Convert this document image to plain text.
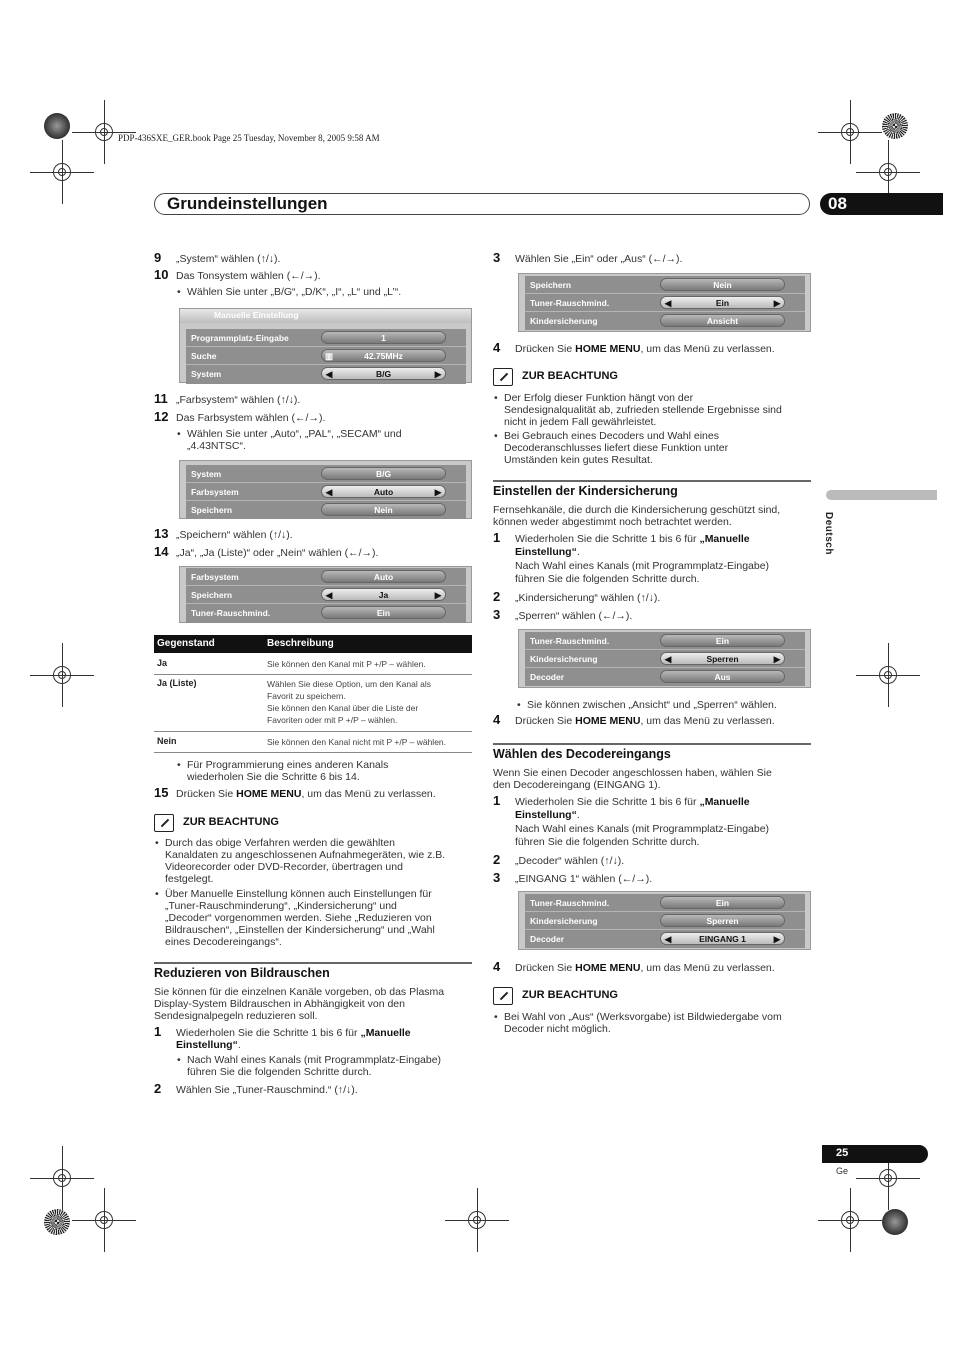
PDP-436SXE_GER.book Page 25 Tuesday, November 8, 2005 9:58 AM
Grundeinstellungen	08
Deutsch
9 „System“ wählen (↑/↓).
10 Das Tonsystem wählen (←/→).
• Wählen Sie unter „B/G“, „D/K“, „I“, „L“ und „L’“.
Manuelle Einstellung
Programmplatz-Eingabe	1
Suche	▥	42.75MHz
System	◀	B/G	▶
11 „Farbsystem“ wählen (↑/↓).
12 Das Farbsystem wählen (←/→).
• Wählen Sie unter „Auto“, „PAL“, „SECAM“ und
„4.43NTSC“.
System	B/G
Farbsystem	◀	Auto	▶
Speichern	Nein
13 „Speichern“ wählen (↑/↓).
14 „Ja“, „Ja (Liste)“ oder „Nein“ wählen (←/→).
Farbsystem	Auto
Speichern	◀	Ja	▶
Tuner-Rauschmind.	Ein
Gegenstand	Beschreibung
Ja	Sie können den Kanal mit P +/P – wählen.
Ja (Liste)	Wählen Sie diese Option, um den Kanal als
Favorit zu speichern.
Sie können den Kanal über die Liste der
Favoriten oder mit P +/P – wählen.
Nein	Sie können den Kanal nicht mit P +/P – wählen.
• Für Programmierung eines anderen Kanals
wiederholen Sie die Schritte 6 bis 14.
15 Drücken Sie HOME MENU, um das Menü zu verlassen.
ZUR BEACHTUNG
• Durch das obige Verfahren werden die gewählten
Kanaldaten zu angeschlossenen Aufnahmegeräten, wie z.B.
Videorecorder oder DVD-Recorder, übertragen und
festgelegt.
• Über Manuelle Einstellung können auch Einstellungen für
„Tuner-Rauschminderung“, „Kindersicherung“ und
„Decoder“ vorgenommen werden. Siehe „Reduzieren von
Bildrauschen“, „Einstellen der Kindersicherung“ und „Wahl
eines Decodereingangs“.
Reduzieren von Bildrauschen
Sie können für die einzelnen Kanäle vorgeben, ob das Plasma
Display-System Bildrauschen in Abhängigkeit von den
Sendesignalpegeln reduzieren soll.
1 Wiederholen Sie die Schritte 1 bis 6 für „Manuelle
Einstellung“.
• Nach Wahl eines Kanals (mit Programmplatz-Eingabe)
führen Sie die folgenden Schritte durch.
2 Wählen Sie „Tuner-Rauschmind.“ (↑/↓).
3 Wählen Sie „Ein“ oder „Aus“ (←/→).
Speichern	Nein
Tuner-Rauschmind.	◀	Ein	▶
Kindersicherung	Ansicht
4 Drücken Sie HOME MENU, um das Menü zu verlassen.
ZUR BEACHTUNG
• Der Erfolg dieser Funktion hängt von der
Sendesignalqualität ab, zufrieden stellende Ergebnisse sind
nicht in jedem Fall gewährleistet.
• Bei Gebrauch eines Decoders und Wahl eines
Decoderanschlusses liefert diese Funktion unter
Umständen kein gutes Resultat.
Einstellen der Kindersicherung
Fernsehkanäle, die durch die Kindersicherung geschützt sind,
können weder abgestimmt noch betrachtet werden.
1 Wiederholen Sie die Schritte 1 bis 6 für „Manuelle
Einstellung“.
Nach Wahl eines Kanals (mit Programmplatz-Eingabe)
führen Sie die folgenden Schritte durch.
2 „Kindersicherung“ wählen (↑/↓).
3 „Sperren“ wählen (←/→).
Tuner-Rauschmind.	Ein
Kindersicherung	◀	Sperren	▶
Decoder	Aus
• Sie können zwischen „Ansicht“ und „Sperren“ wählen.
4 Drücken Sie HOME MENU, um das Menü zu verlassen.
Wählen des Decodereingangs
Wenn Sie einen Decoder angeschlossen haben, wählen Sie
den Decodereingang (EINGANG 1).
1 Wiederholen Sie die Schritte 1 bis 6 für „Manuelle
Einstellung“.
Nach Wahl eines Kanals (mit Programmplatz-Eingabe)
führen Sie die folgenden Schritte durch.
2 „Decoder“ wählen (↑/↓).
3 „EINGANG 1“ wählen (←/→).
Tuner-Rauschmind.	Ein
Kindersicherung	Sperren
Decoder	◀	EINGANG 1	▶
4 Drücken Sie HOME MENU, um das Menü zu verlassen.
ZUR BEACHTUNG
• Bei Wahl von „Aus“ (Werksvorgabe) ist Bildwiedergabe vom
Decoder nicht möglich.
25
Ge
